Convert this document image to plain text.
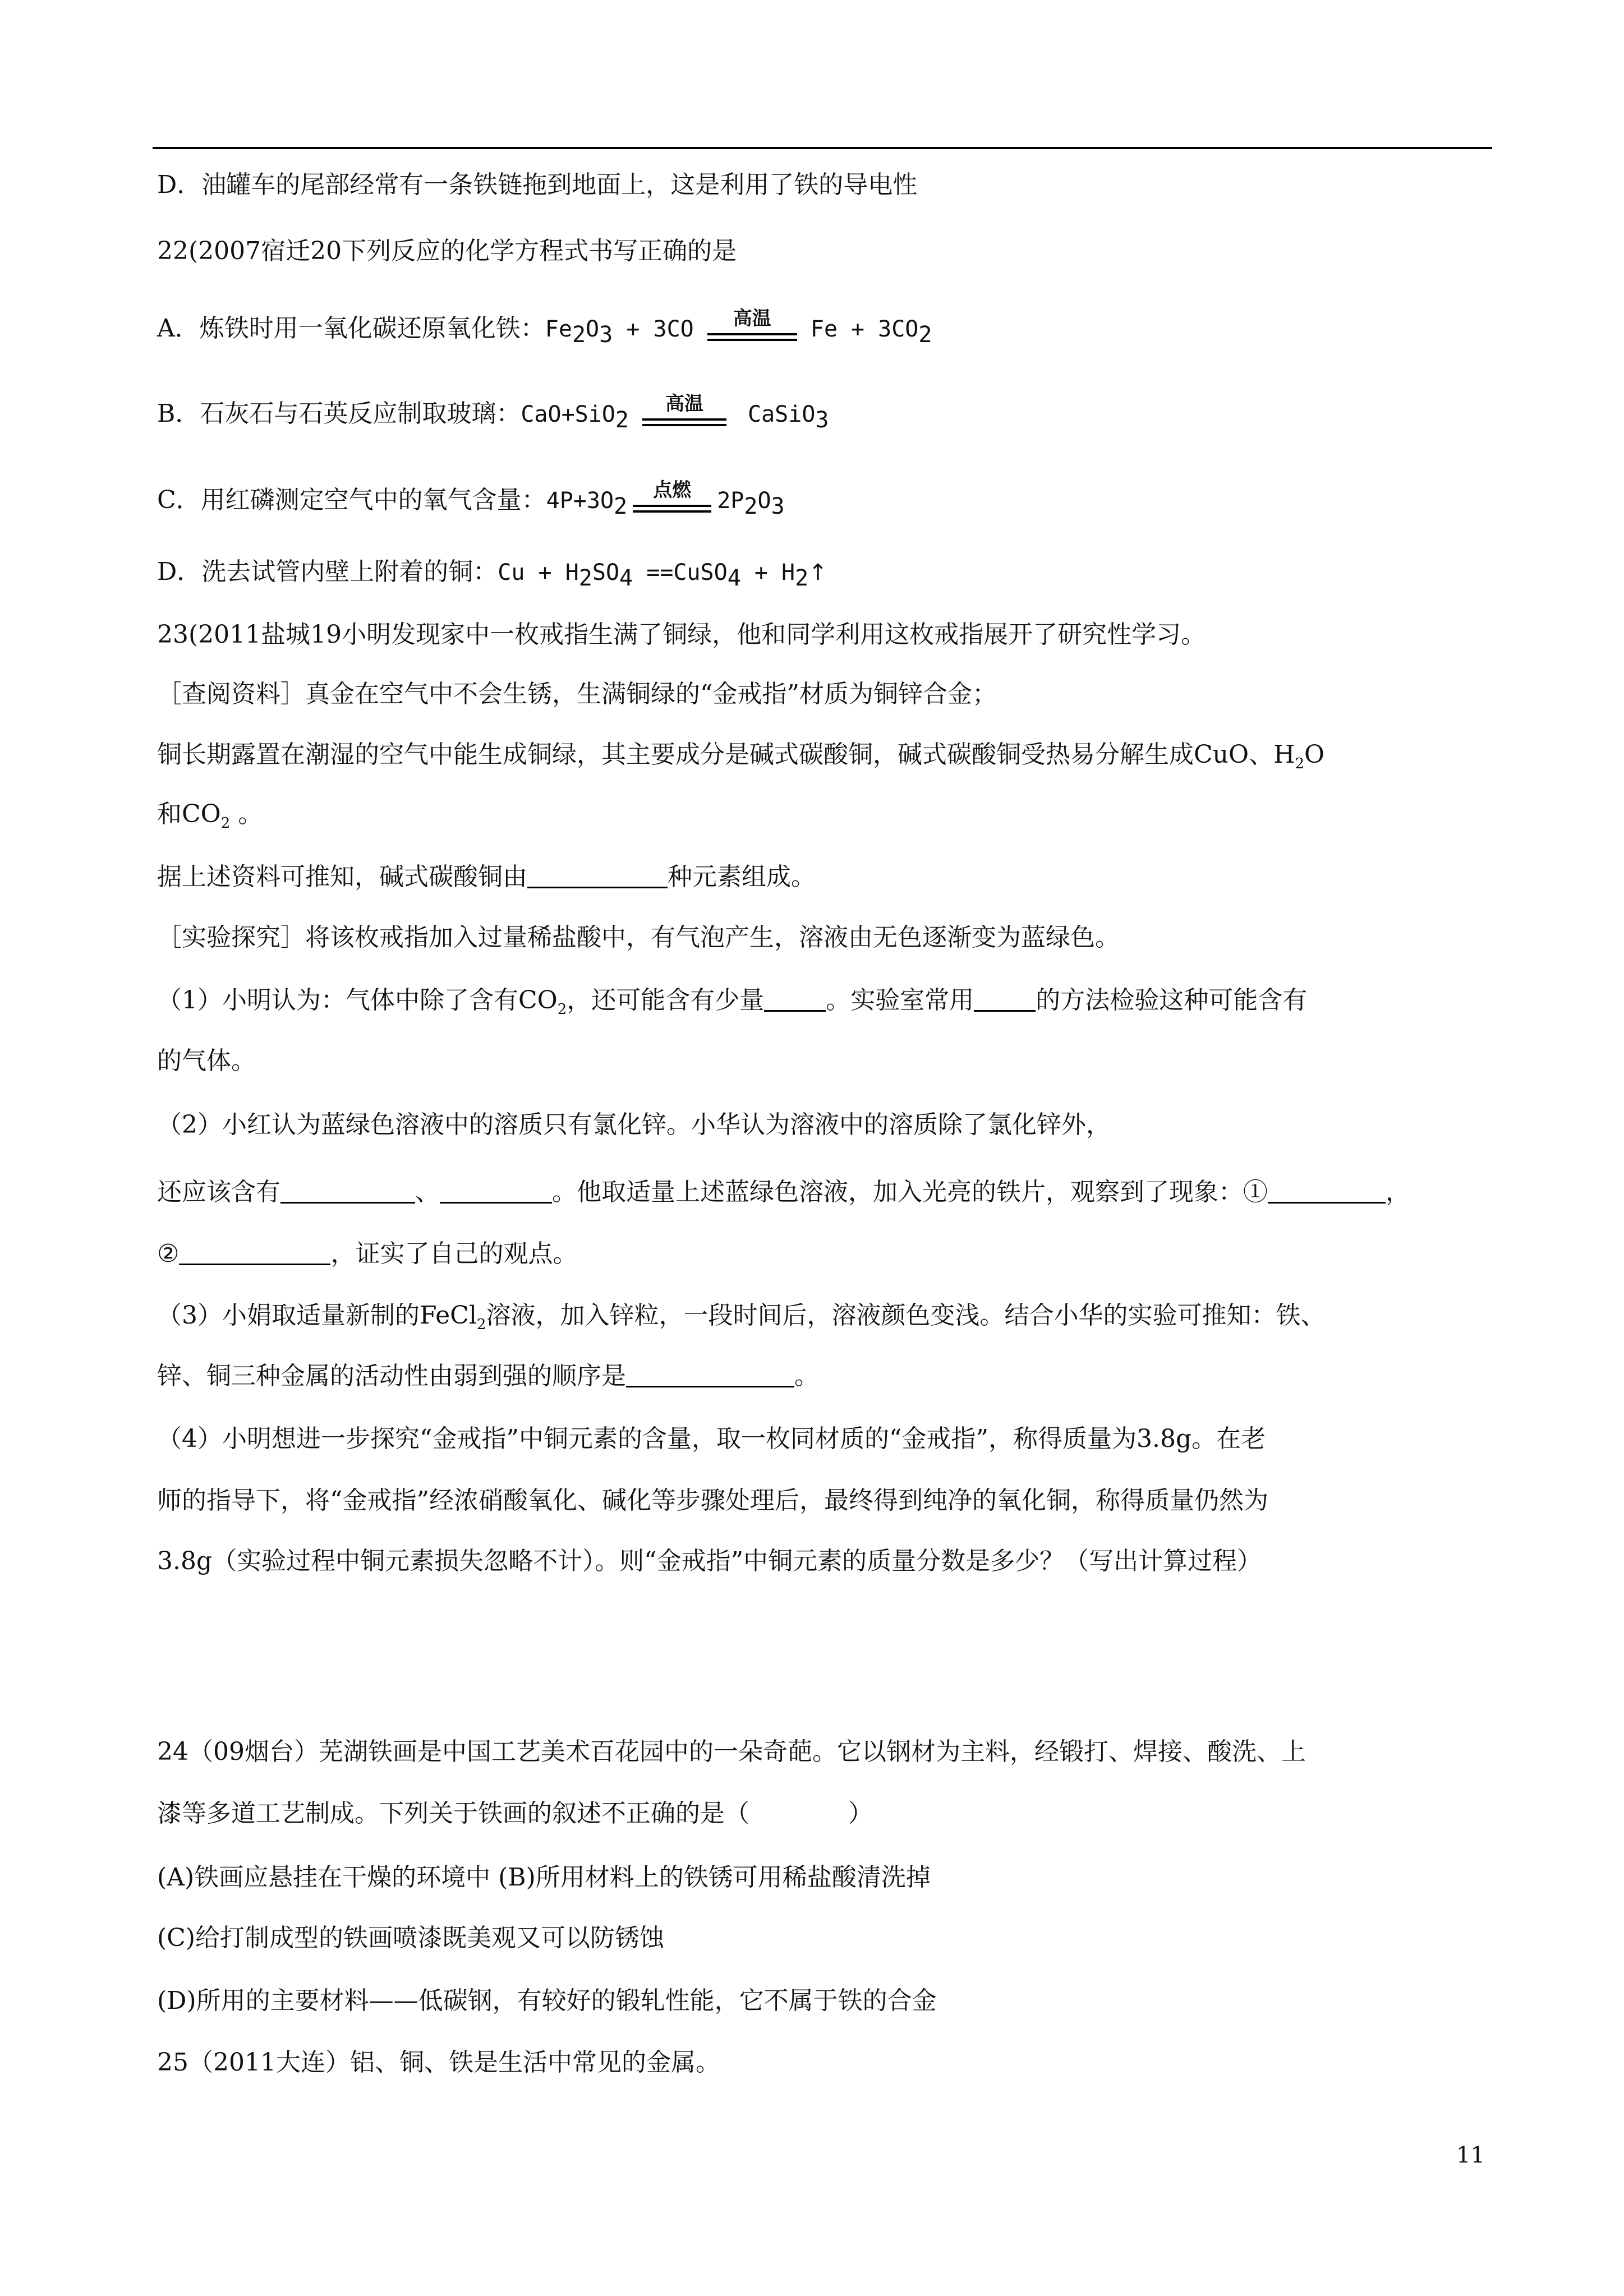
D．油罐车的尾部经常有一条铁链拖到地面上，这是利用了铁的导电性
22(2007宿迁20下列反应的化学方程式书写正确的是
A．炼铁时用一氧化碳还原氧化铁：$Fe_2O_3 + 3CO$	高温	$Fe + 3CO_2$
B．石灰石与石英反应制取玻璃：CaO+SiO$_2$
高温	CaSiO$_3$
C．用红磷测定空气中的氧气含量：$4P+3O_2$
点燃	$2P_2O_3$
D．洗去试管内壁上附着的铜：$Cu + H_2SO_4$ ==CuSO$_4$ + $H_2↑$
23(2011盐城19小明发现家中一枚戒指生满了铜绿，他和同学利用这枚戒指展开了研究性学习。
［查阅资料］真金在空气中不会生锈，生满铜绿的“金戒指”材质为铜锌合金；
铜长期露置在潮湿的空气中能生成铜绿，其主要成分是碱式碳酸铜，碱式碳酸铜受热易分解生成CuO、$H_2O$
和$CO_2$ 。
据上述资料可推知，碱式碳酸铜由	种元素组成。
［实验探究］将该枚戒指加入过量稀盐酸中，有气泡产生，溶液由无色逐渐变为蓝绿色。
（1）小明认为：气体中除了含有$CO_2$，还可能含有少量	。实验室常用	的方法检验这种可能含有
的气体。
（2）小红认为蓝绿色溶液中的溶质只有氯化锌。小华认为溶液中的溶质除了氯化锌外，
还应该含有	、	。他取适量上述蓝绿色溶液，加入光亮的铁片，观察到了现象：①	，
②	，证实了自己的观点。
（3）小娟取适量新制的FeCl$_2$溶液，加入锌粒，一段时间后，溶液颜色变浅。结合小华的实验可推知：铁、
锌、铜三种金属的活动性由弱到强的顺序是	。
（4）小明想进一步探究“金戒指”中铜元素的含量，取一枚同材质的“金戒指”，称得质量为3.8g。在老
师的指导下，将“金戒指”经浓硝酸氧化、碱化等步骤处理后，最终得到纯净的氧化铜，称得质量仍然为
3.8g（实验过程中铜元素损失忽略不计）。则“金戒指”中铜元素的质量分数是多少？（写出计算过程）
24（09烟台）芜湖铁画是中国工艺美术百花园中的一朵奇葩。它以钢材为主料，经锻打、焊接、酸洗、上
漆等多道工艺制成。下列关于铁画的叙述不正确的是（　　　　）
(A)铁画应悬挂在干燥的环境中 (B)所用材料上的铁锈可用稀盐酸清洗掉
(C)给打制成型的铁画喷漆既美观又可以防锈蚀
(D)所用的主要材料——低碳钢，有较好的锻轧性能，它不属于铁的合金
25（2011大连）铝、铜、铁是生活中常见的金属。
11
